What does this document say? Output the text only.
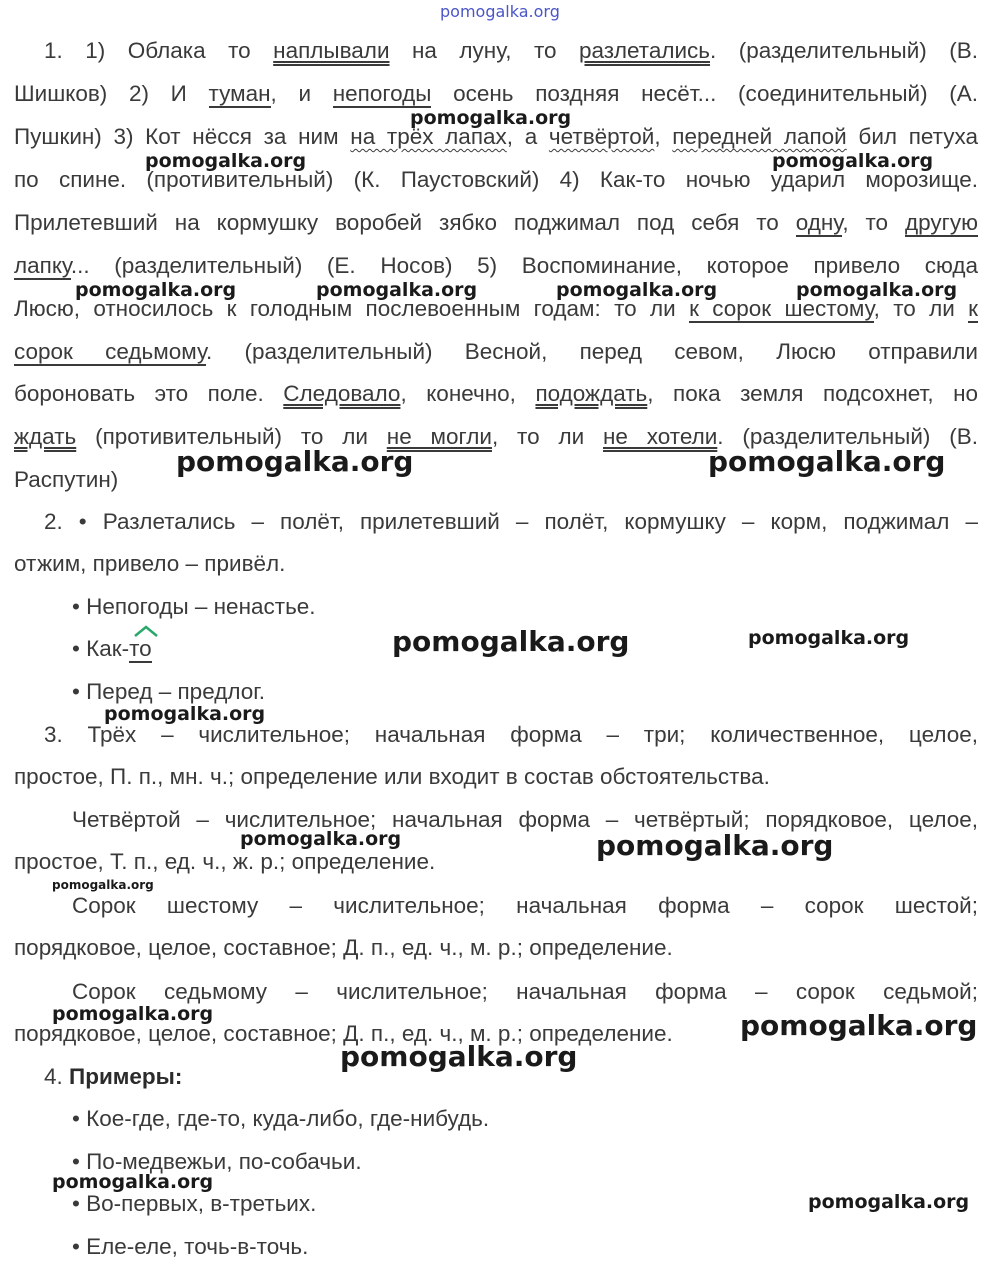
pomogalka.org
1. 1) Облака то наплывали на луну, то разлетались. (разделительный) (В.
Шишков) 2) И туман, и непогоды осень поздняя несёт... (соединительный) (А.
Пушкин) 3) Кот нёсся за ним на трёх лапах, а четвёртой, передней лапой бил петуха
по спине. (противительный) (К. Паустовский) 4) Как-то ночью ударил морозище.
Прилетевший на кормушку воробей зябко поджимал под себя то одну, то другую
лапку... (разделительный) (Е. Носов) 5) Воспоминание, которое привело сюда
Люсю, относилось к голодным послевоенным годам: то ли к сорок шестому, то ли к
сорок седьмому. (разделительный) Весной, перед севом, Люсю отправили
бороновать это поле. Следовало, конечно, подождать, пока земля подсохнет, но
ждать (противительный) то ли не могли, то ли не хотели. (разделительный) (В.
Распутин)
2. • Разлетались – полёт, прилетевший – полёт, кормушку – корм, поджимал –
отжим, привело – привёл.
• Непогоды – ненастье.
• Как-то
• Перед – предлог.
3. Трёх – числительное; начальная форма – три; количественное, целое,
простое, П. п., мн. ч.; определение или входит в состав обстоятельства.
Четвёртой – числительное; начальная форма – четвёртый; порядковое, целое,
простое, Т. п., ед. ч., ж. р.; определение.
Сорок шестому – числительное; начальная форма – сорок шестой;
порядковое, целое, составное; Д. п., ед. ч., м. р.; определение.
Сорок седьмому – числительное; начальная форма – сорок седьмой;
порядковое, целое, составное; Д. п., ед. ч., м. р.; определение.
4. Примеры:
• Кое-где, где-то, куда-либо, где-нибудь.
• По-медвежьи, по-собачьи.
• Во-первых, в-третьих.
• Еле-еле, точь-в-точь.
pomogalka.org
pomogalka.org	pomogalka.org
pomogalka.org	pomogalka.org	pomogalka.org	pomogalka.org
pomogalka.org	pomogalka.org
pomogalka.org	pomogalka.org
pomogalka.org
pomogalka.org	pomogalka.org
pomogalka.org
pomogalka.org	pomogalka.org
pomogalka.org
pomogalka.org
pomogalka.org
